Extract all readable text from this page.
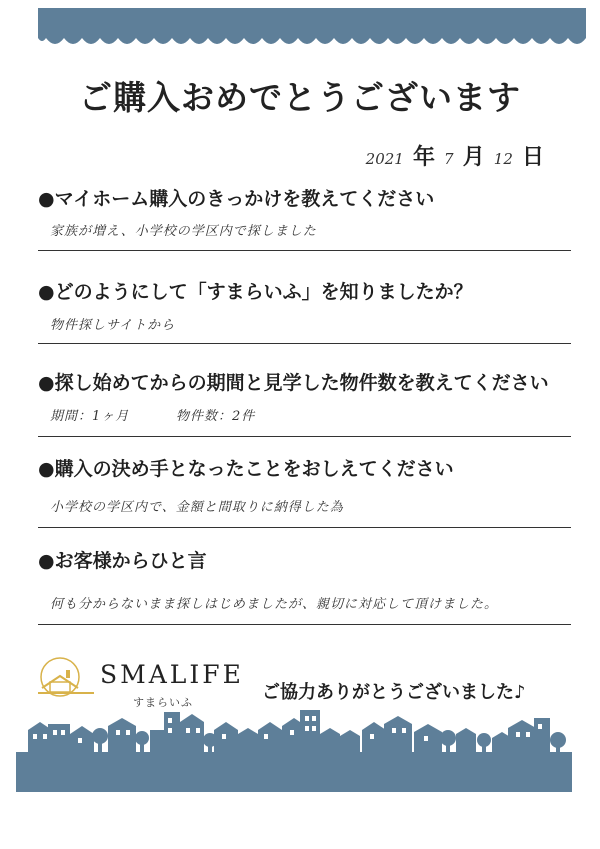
ご購入おめでとうございます
2021 年 7 月 12 日
●マイホーム購入のきっかけを教えてください
家族が増え、小学校の学区内で探しました
●どのようにして「すまらいふ」を知りましたか？
物件探しサイトから
●探し始めてからの期間と見学した物件数を教えてください
期間：1ヶ月	物件数：2件
●購入の決め手となったことをおしえてください
小学校の学区内で、金額と間取りに納得した為
●お客様からひと言
何も分からないまま探しはじめましたが、親切に対応して頂けました。
SMALIFE
すまらいふ	ご協力ありがとうございました♪
